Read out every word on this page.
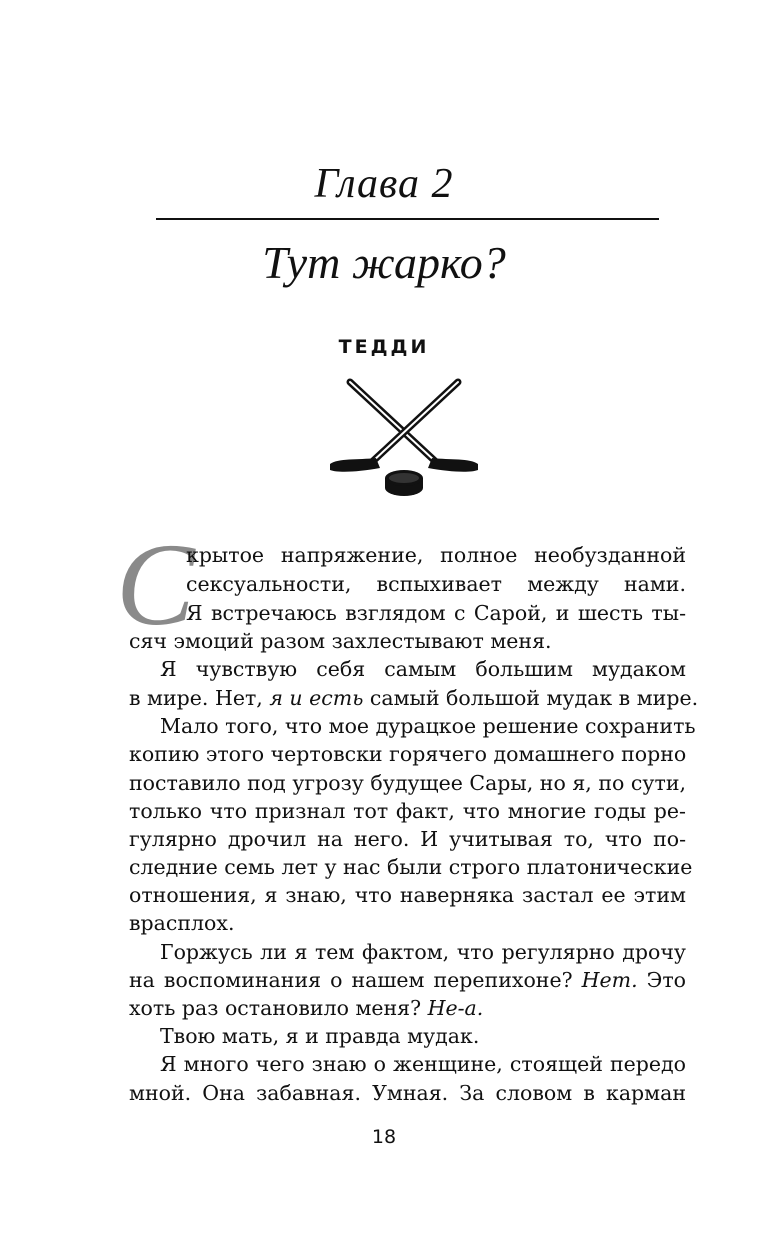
Глава 2
Тут жарко?
ТЕДДИ
С
крытое напряжение, полное необузданной
сексуальности, вспыхивает между нами.
Я встречаюсь взглядом с Сарой, и шесть ты-
сяч эмоций разом захлестывают меня.
Я чувствую себя самым большим мудаком
в мире. Нет, я и есть самый большой мудак в мире.
Мало того, что мое дурацкое решение сохранить
копию этого чертовски горячего домашнего порно
поставило под угрозу будущее Сары, но я, по сути,
только что признал тот факт, что многие годы ре-
гулярно дрочил на него. И учитывая то, что по-
следние семь лет у нас были строго платонические
отношения, я знаю, что наверняка застал ее этим
врасплох.
Горжусь ли я тем фактом, что регулярно дрочу
на воспоминания о нашем перепихоне? Нет. Это
хоть раз остановило меня? Не-а.
Твою мать, я и правда мудак.
Я много чего знаю о женщине, стоящей передо
мной. Она забавная. Умная. За словом в карман
18
